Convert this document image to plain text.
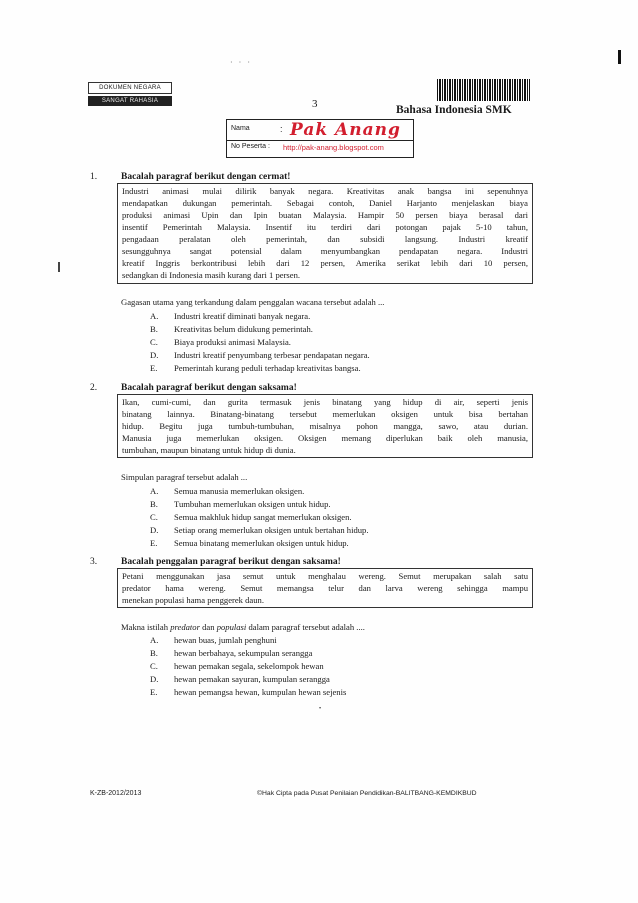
· · ·
DOKUMEN NEGARA
SANGAT RAHASIA	3	Bahasa Indonesia SMK
Nama	: Pak Anang
No Peserta : http://pak-anang.blogspot.com
1.	Bacalah paragraf berikut dengan cermat!
Industri animasi mulai dilirik banyak negara. Kreativitas anak bangsa ini sepenuhnya
mendapatkan dukungan pemerintah. Sebagai contoh, Daniel Harjanto menjelaskan biaya
produksi animasi Upin dan Ipin buatan Malaysia. Hampir 50 persen biaya berasal dari
insentif Pemerintah Malaysia. Insentif itu terdiri dari potongan pajak 5-10 tahun,
pengadaan peralatan oleh pemerintah, dan subsidi langsung. Industri kreatif
sesungguhnya sangat potensial dalam menyumbangkan pendapatan negara. Industri
kreatif Inggris berkontribusi lebih dari 12 persen, Amerika serikat lebih dari 10 persen,
sedangkan di Indonesia masih kurang dari 1 persen.
Gagasan utama yang terkandung dalam penggalan wacana tersebut adalah ...
A. Industri kreatif diminati banyak negara.
B. Kreativitas belum didukung pemerintah.
C. Biaya produksi animasi Malaysia.
D. Industri kreatif penyumbang terbesar pendapatan negara.
E. Pemerintah kurang peduli terhadap kreativitas bangsa.
2.	Bacalah paragraf berikut dengan saksama!
Ikan, cumi-cumi, dan gurita termasuk jenis binatang yang hidup di air, seperti jenis
binatang lainnya. Binatang-binatang tersebut memerlukan oksigen untuk bisa bertahan
hidup. Begitu juga tumbuh-tumbuhan, misalnya pohon mangga, sawo, atau durian.
Manusia juga memerlukan oksigen. Oksigen memang diperlukan baik oleh manusia,
tumbuhan, maupun binatang untuk hidup di dunia.
Simpulan paragraf tersebut adalah ...
A. Semua manusia memerlukan oksigen.
B. Tumbuhan memerlukan oksigen untuk hidup.
C. Semua makhluk hidup sangat memerlukan oksigen.
D. Setiap orang memerlukan oksigen untuk bertahan hidup.
E. Semua binatang memerlukan oksigen untuk hidup.
3.	Bacalah penggalan paragraf berikut dengan saksama!
Petani menggunakan jasa semut untuk menghalau wereng. Semut merupakan salah satu
predator hama wereng. Semut memangsa telur dan larva wereng sehingga mampu
menekan populasi hama penggerek daun.
Makna istilah predator dan populasi dalam paragraf tersebut adalah ....
A. hewan buas, jumlah penghuni
B. hewan berbahaya, sekumpulan serangga
C. hewan pemakan segala, sekelompok hewan
D. hewan pemakan sayuran, kumpulan serangga
E. hewan pemangsa hewan, kumpulan hewan sejenis
•
K-ZB-2012/2013	©Hak Cipta pada Pusat Penilaian Pendidikan-BALITBANG-KEMDIKBUD
